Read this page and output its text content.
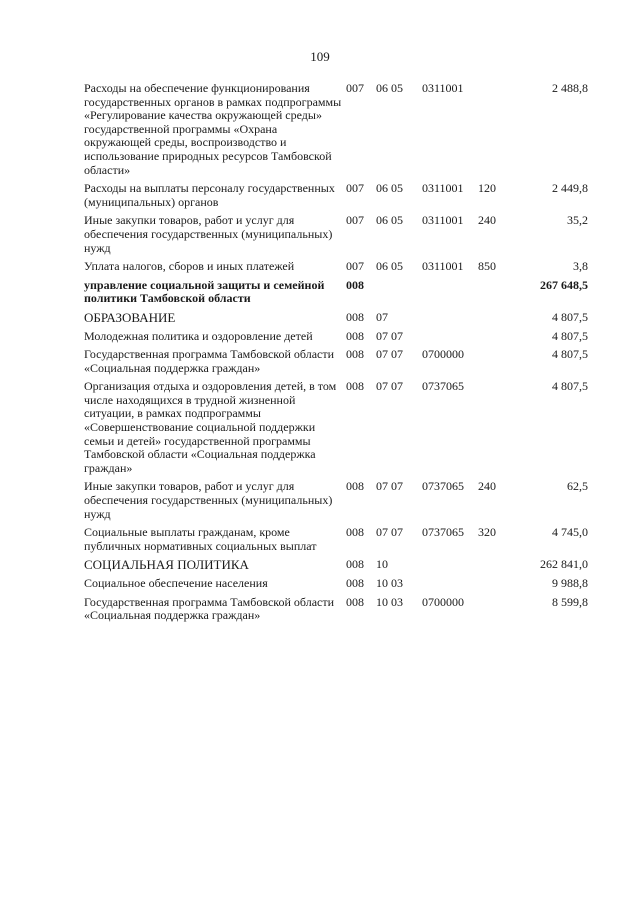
109
Расходы на обеспечение функционирования государственных органов в рамках подпрограммы «Регулирование качества окружающей среды» государственной программы «Охрана окружающей среды, воспроизводство и использование природных ресурсов Тамбовской области»	007	06 05	0311001		2 488,8
Расходы на выплаты персоналу государственных (муниципальных) органов	007	06 05	0311001	120	2 449,8
Иные закупки товаров, работ и услуг для обеспечения государственных (муниципальных) нужд	007	06 05	0311001	240	35,2
Уплата налогов, сборов и иных платежей	007	06 05	0311001	850	3,8
управление социальной защиты и семейной политики Тамбовской области	008				267 648,5
ОБРАЗОВАНИЕ	008	07			4 807,5
Молодежная политика и оздоровление детей	008	07 07			4 807,5
Государственная программа Тамбовской области «Социальная поддержка граждан»	008	07 07	0700000		4 807,5
Организация отдыха и оздоровления детей, в том числе находящихся в трудной жизненной ситуации, в рамках подпрограммы «Совершенствование социальной поддержки семьи и детей» государственной программы Тамбовской области «Социальная поддержка граждан»	008	07 07	0737065		4 807,5
Иные закупки товаров, работ и услуг для обеспечения государственных (муниципальных) нужд	008	07 07	0737065	240	62,5
Социальные выплаты гражданам, кроме публичных нормативных социальных выплат	008	07 07	0737065	320	4 745,0
СОЦИАЛЬНАЯ ПОЛИТИКА	008	10			262 841,0
Социальное обеспечение населения	008	10 03			9 988,8
Государственная программа Тамбовской области «Социальная поддержка граждан»	008	10 03	0700000		8 599,8
